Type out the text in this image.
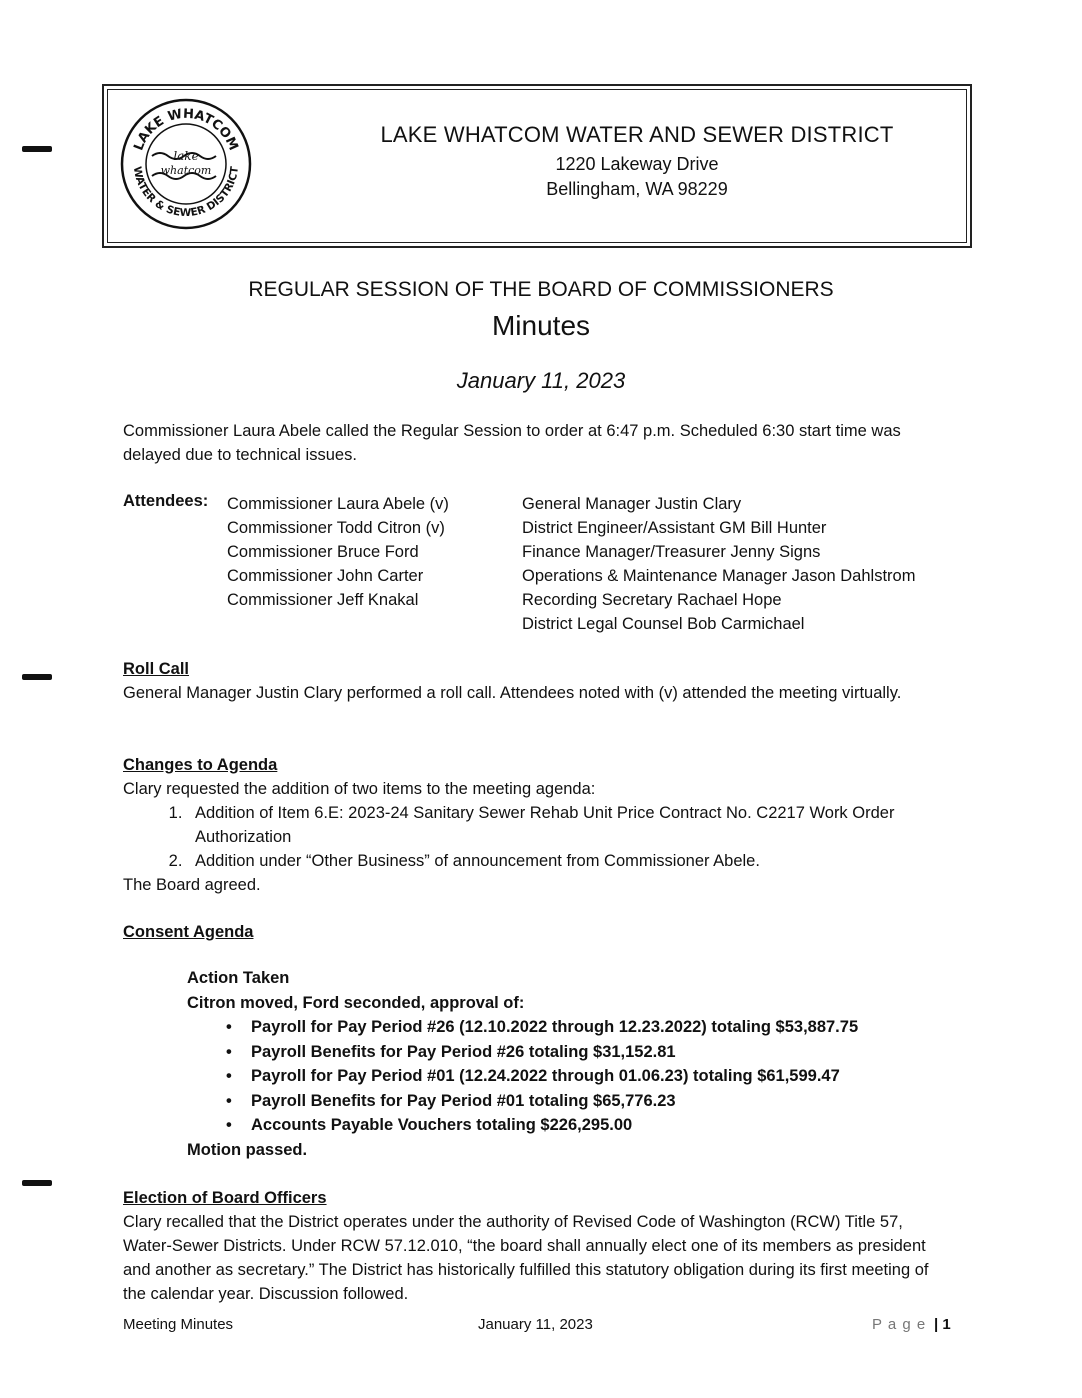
LAKE WHATCOM
WATER & SEWER DISTRICT
lake
whatcom
LAKE WHATCOM WATER AND SEWER DISTRICT
1220 Lakeway Drive
Bellingham, WA 98229
REGULAR SESSION OF THE BOARD OF COMMISSIONERS
Minutes
January 11, 2023
Commissioner Laura Abele called the Regular Session to order at 6:47 p.m. Scheduled 6:30 start time was delayed due to technical issues.
Attendees: Commissioner Laura Abele (v)
Commissioner Todd Citron (v)
Commissioner Bruce Ford
Commissioner John Carter
Commissioner Jeff Knakal
General Manager Justin Clary
District Engineer/Assistant GM Bill Hunter
Finance Manager/Treasurer Jenny Signs
Operations & Maintenance Manager Jason Dahlstrom
Recording Secretary Rachael Hope
District Legal Counsel Bob Carmichael
Roll Call
General Manager Justin Clary performed a roll call. Attendees noted with (v) attended the meeting virtually.
Changes to Agenda
Clary requested the addition of two items to the meeting agenda:
1. Addition of Item 6.E: 2023-24 Sanitary Sewer Rehab Unit Price Contract No. C2217 Work Order Authorization
2. Addition under “Other Business” of announcement from Commissioner Abele.
The Board agreed.
Consent Agenda
Action Taken
Citron moved, Ford seconded, approval of:
• Payroll for Pay Period #26 (12.10.2022 through 12.23.2022) totaling $53,887.75
• Payroll Benefits for Pay Period #26 totaling $31,152.81
• Payroll for Pay Period #01 (12.24.2022 through 01.06.23) totaling $61,599.47
• Payroll Benefits for Pay Period #01 totaling $65,776.23
• Accounts Payable Vouchers totaling $226,295.00
Motion passed.
Election of Board Officers
Clary recalled that the District operates under the authority of Revised Code of Washington (RCW) Title 57, Water-Sewer Districts. Under RCW 57.12.010, “the board shall annually elect one of its members as president and another as secretary.” The District has historically fulfilled this statutory obligation during its first meeting of the calendar year. Discussion followed.
Meeting Minutes	January 11, 2023	P a g e | 1
